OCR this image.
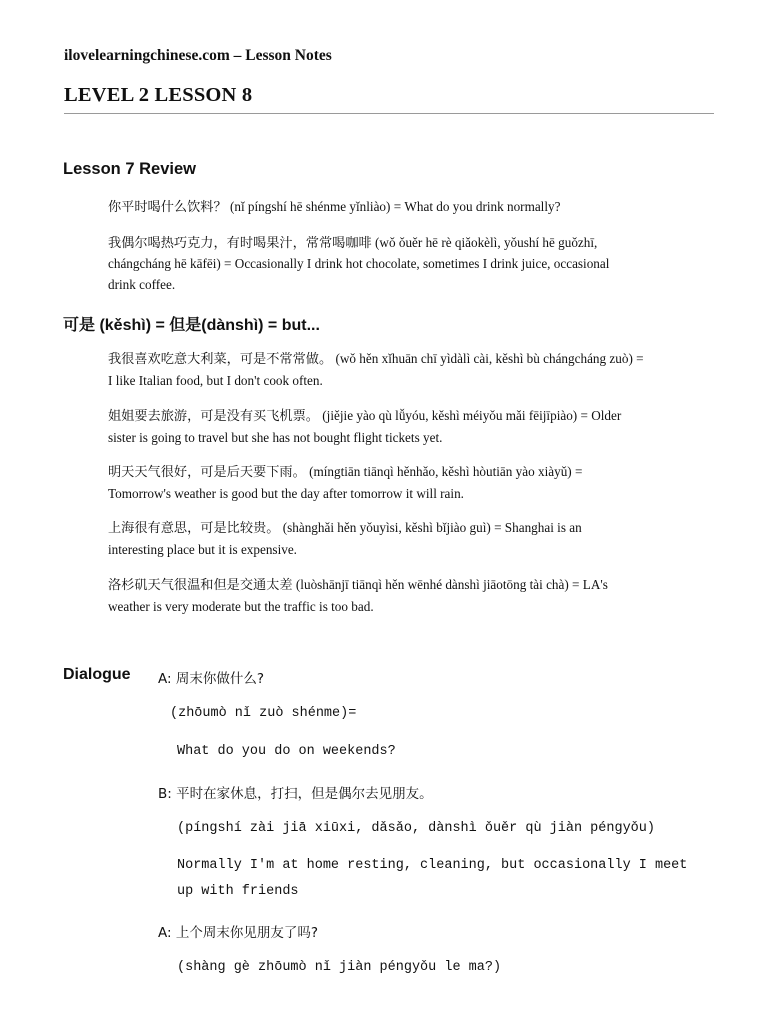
ilovelearningchinese.com – Lesson Notes
LEVEL 2 LESSON 8
Lesson 7 Review
你平时喝什么饮料？ (nǐ píngshí hē shénme yǐnliào) = What do you drink normally?
我偶尔喝热巧克力，有时喝果汁，常常喝咖啡 (wǒ ǒuěr hē rè qiǎokèlì, yǒushí hē guǒzhī,
chángcháng hē kāfēi) = Occasionally I drink hot chocolate, sometimes I drink juice, occasional
drink coffee.
可是 (kěshì) = 但是(dànshì) = but...
我很喜欢吃意大利菜，可是不常常做。 (wǒ hěn xǐhuān chī yìdàlì cài, kěshì bù chángcháng zuò) =
I like Italian food, but I don't cook often.
姐姐要去旅游，可是没有买飞机票。 (jiějie yào qù lǚyóu, kěshì méiyǒu mǎi fēijīpiào) = Older
sister is going to travel but she has not bought flight tickets yet.
明天天气很好，可是后天要下雨。 (míngtiān tiānqì hěnhǎo, kěshì hòutiān yào xiàyǔ) =
Tomorrow's weather is good but the day after tomorrow it will rain.
上海很有意思，可是比较贵。 (shànghǎi hěn yǒuyìsi, kěshì bǐjiào guì) = Shanghai is an
interesting place but it is expensive.
洛杉矶天气很温和但是交通太差 (luòshānjī tiānqì hěn wēnhé dànshì jiāotōng tài chà) = LA's
weather is very moderate but the traffic is too bad.
Dialogue A: 周末你做什么?
(zhōumò nǐ zuò shénme)=
What do you do on weekends?
B: 平时在家休息，打扫，但是偶尔去见朋友。
(píngshí zài jiā xiūxi, dǎsǎo, dànshì ǒuěr qù jiàn péngyǒu)
Normally I'm at home resting, cleaning, but occasionally I meet
up with friends
A: 上个周末你见朋友了吗?
(shàng gè zhōumò nǐ jiàn péngyǒu le ma?)
